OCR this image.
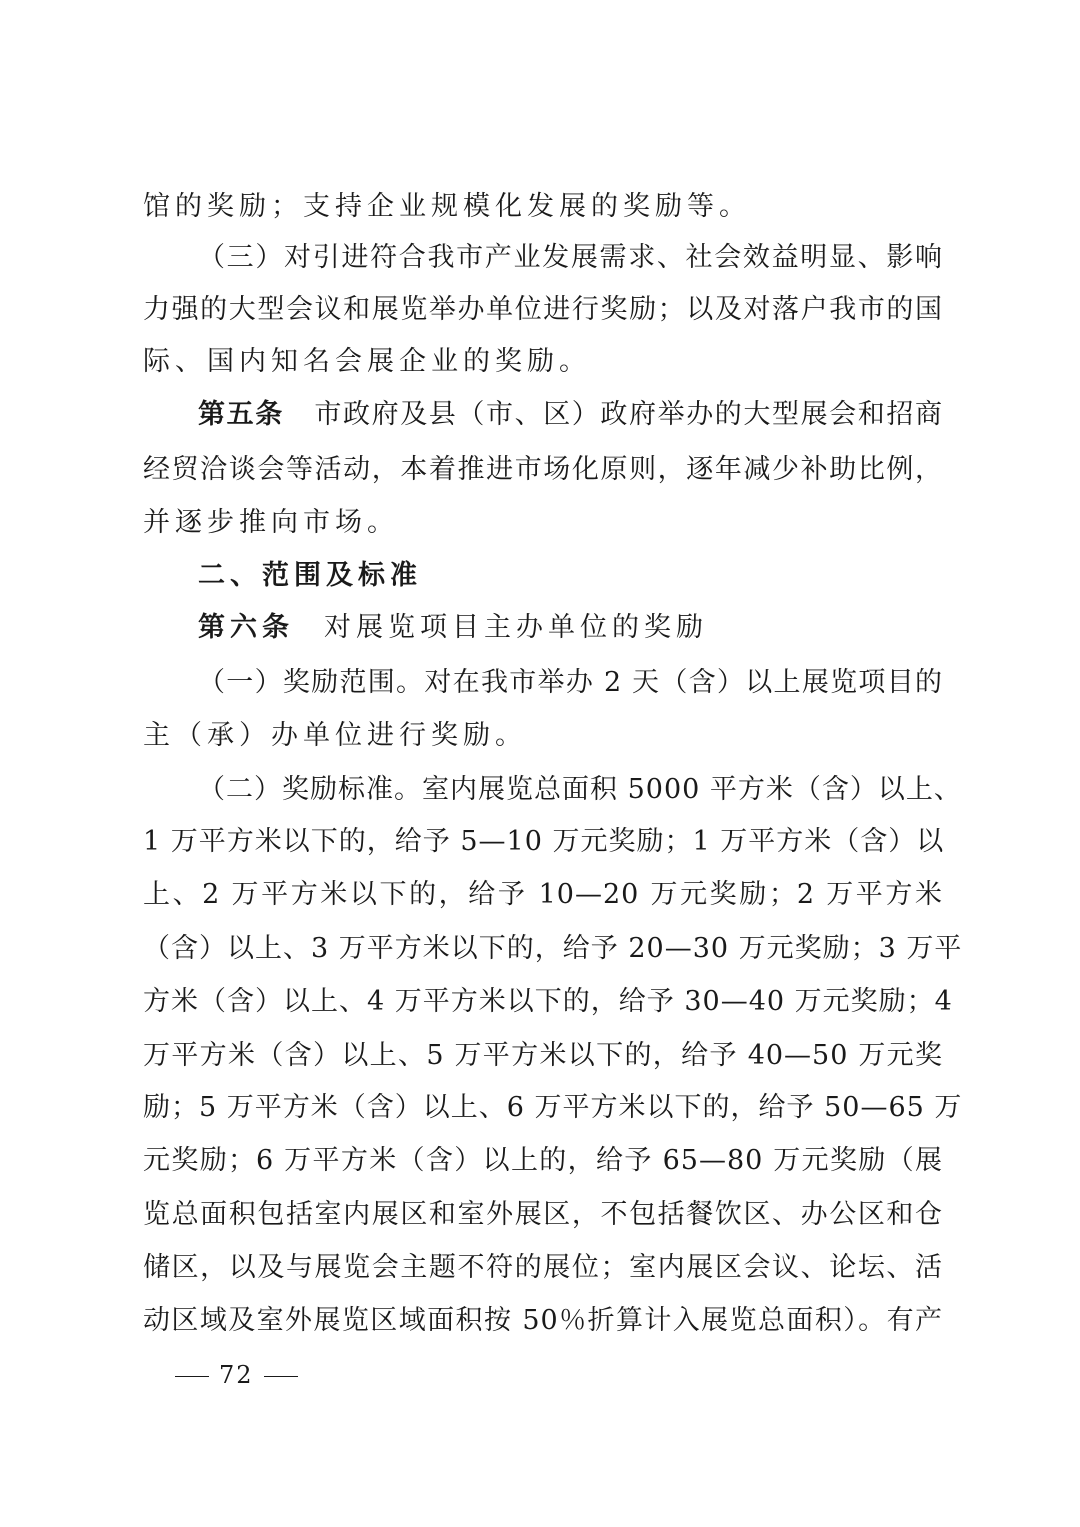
馆的奖励；支持企业规模化发展的奖励等。
（三）对引进符合我市产业发展需求、社会效益明显、影响
力强的大型会议和展览举办单位进行奖励；以及对落户我市的国
际、国内知名会展企业的奖励。
第五条 市政府及县（市、区）政府举办的大型展会和招商
经贸洽谈会等活动，本着推进市场化原则，逐年减少补助比例，
并逐步推向市场。
二、范围及标准
第六条 对展览项目主办单位的奖励
（一）奖励范围。对在我市举办 2 天（含）以上展览项目的
主（承）办单位进行奖励。
（二）奖励标准。室内展览总面积 5000 平方米（含）以上、
1 万平方米以下的，给予 5—10 万元奖励；1 万平方米（含）以
上、2 万平方米以下的，给予 10—20 万元奖励；2 万平方米
（含）以上、3 万平方米以下的，给予 20—30 万元奖励；3 万平
方米（含）以上、4 万平方米以下的，给予 30—40 万元奖励；4
万平方米（含）以上、5 万平方米以下的，给予 40—50 万元奖
励；5 万平方米（含）以上、6 万平方米以下的，给予 50—65 万
元奖励；6 万平方米（含）以上的，给予 65—80 万元奖励（展
览总面积包括室内展区和室外展区，不包括餐饮区、办公区和仓
储区，以及与展览会主题不符的展位；室内展区会议、论坛、活
动区域及室外展览区域面积按 50％折算计入展览总面积）。有产
72
